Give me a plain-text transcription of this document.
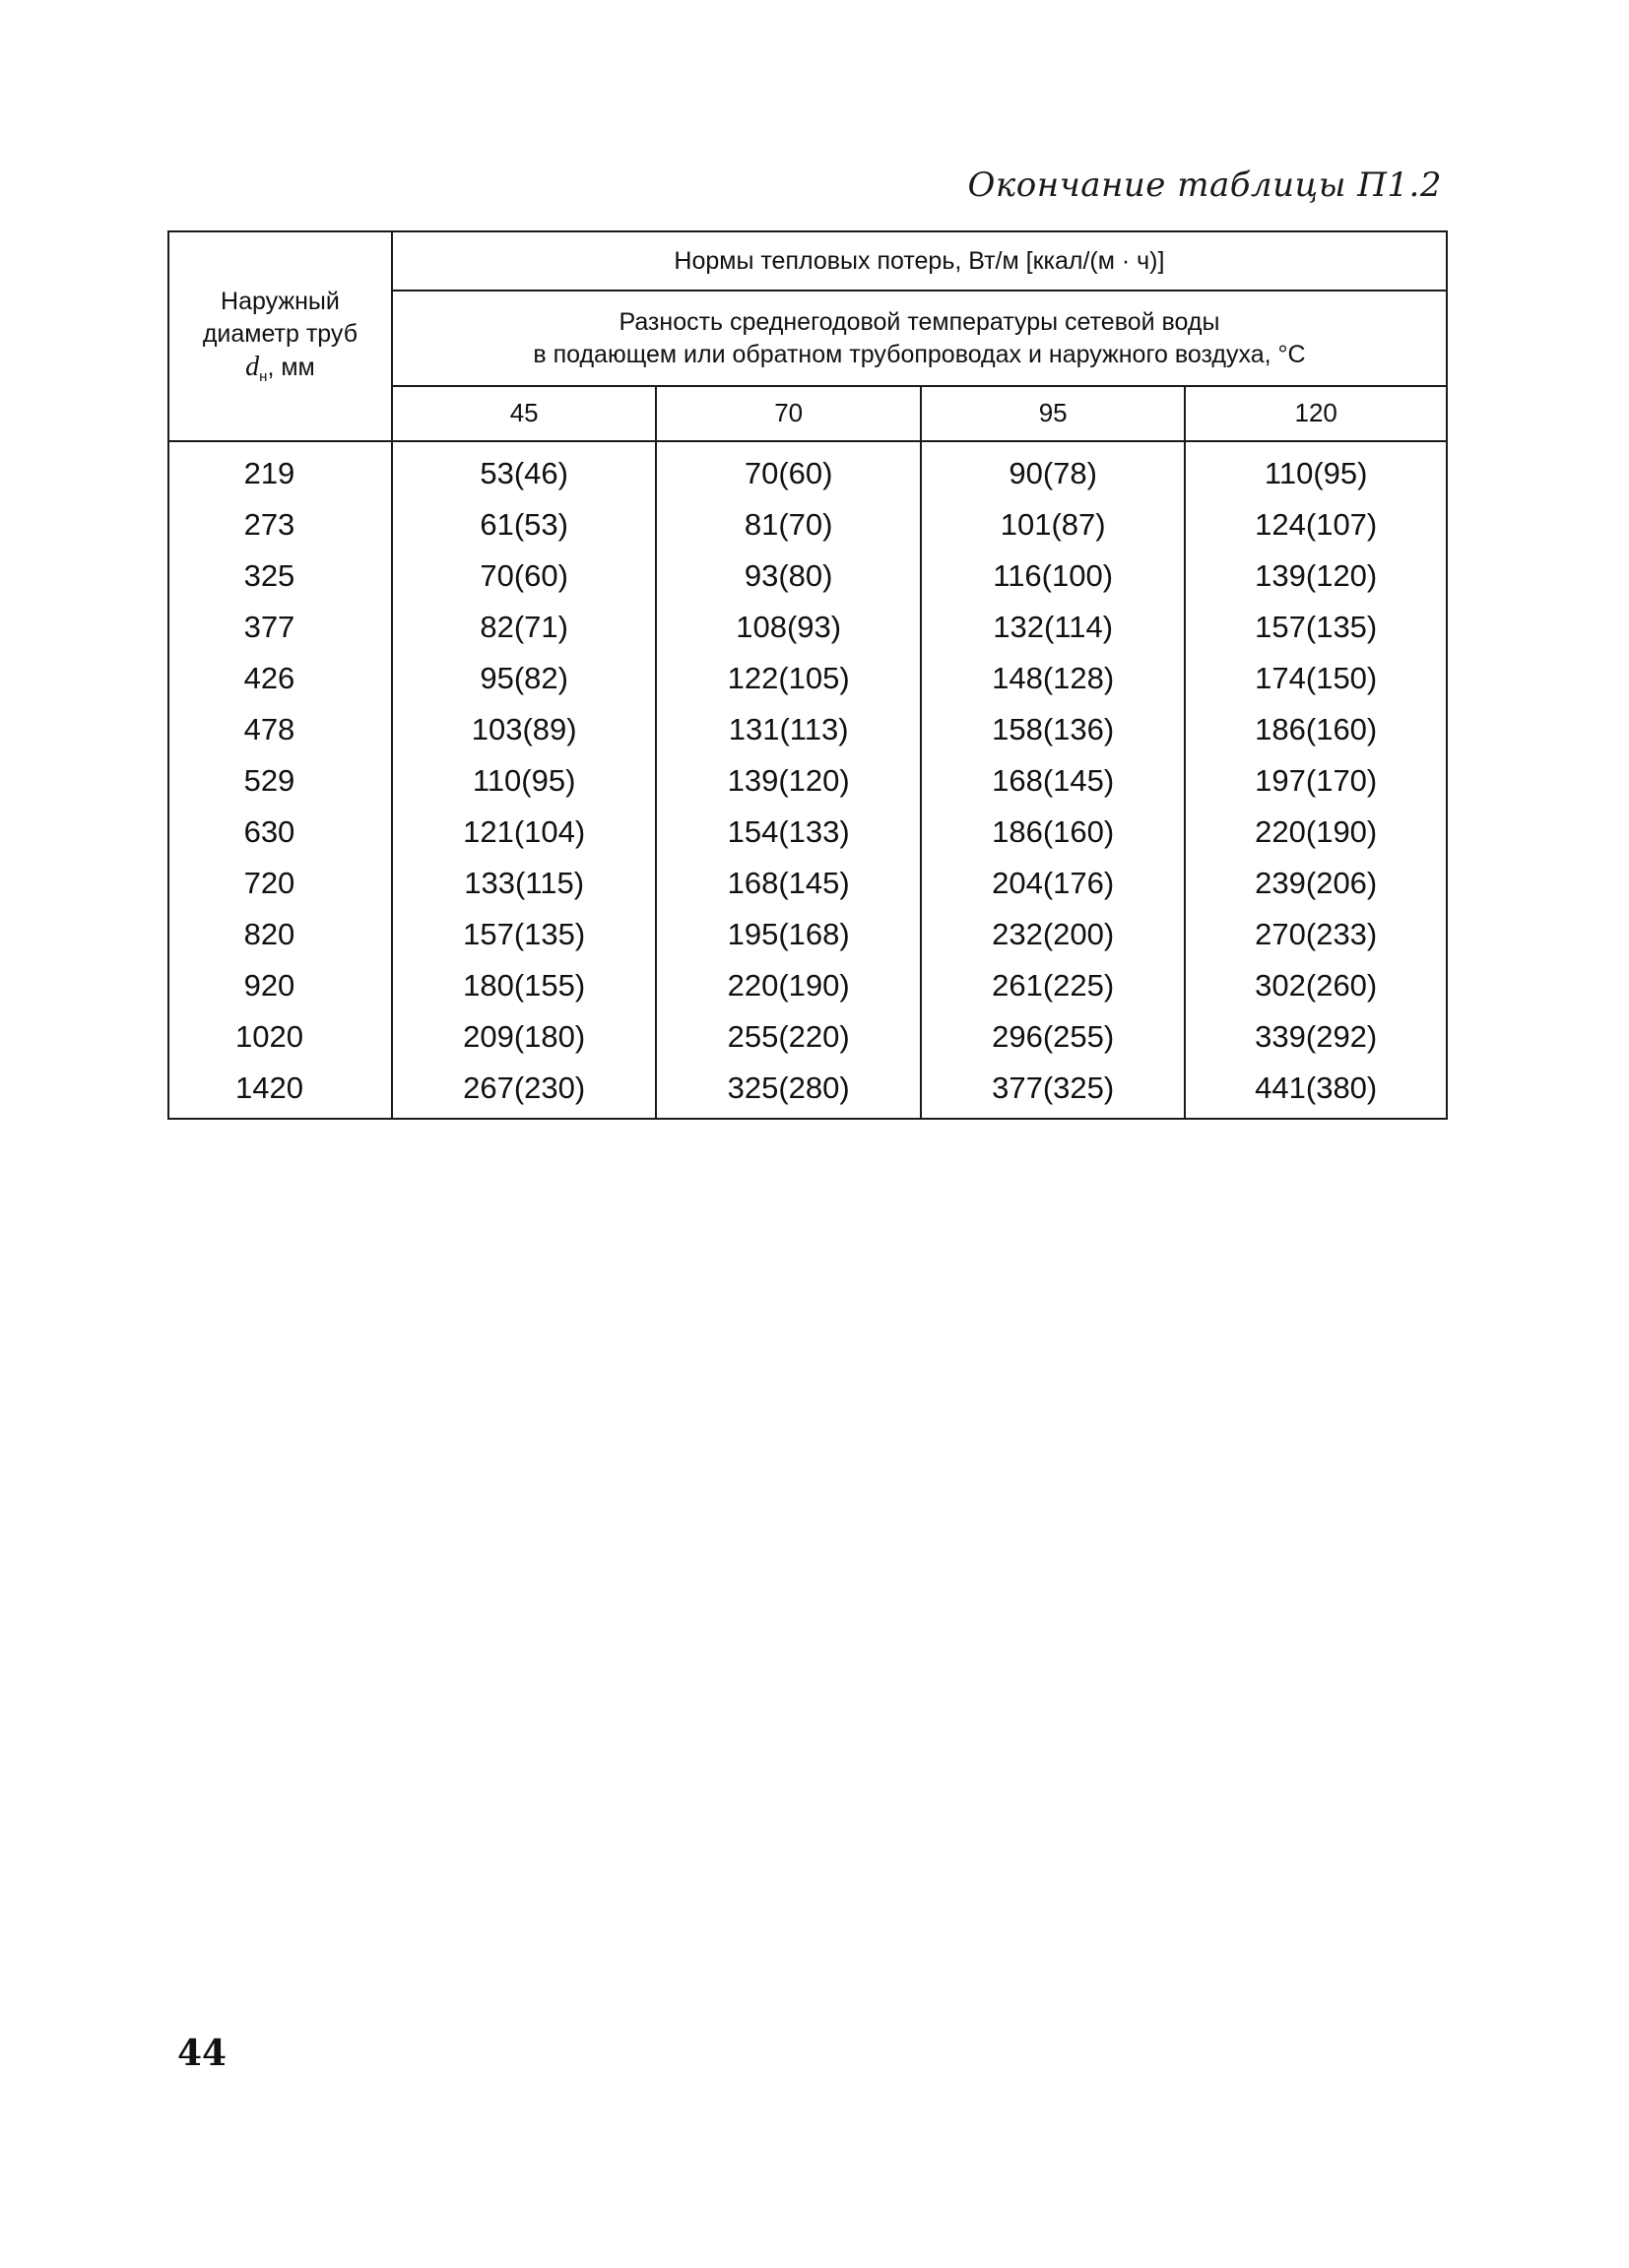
Окончание таблицы П1.2
Наружный
диаметр труб
$d_н$, мм	Нормы тепловых потерь, Вт/м [ккал/(м · ч)]			
	Разность среднегодовой температуры сетевой воды
в подающем или обратном трубопроводах и наружного воздуха, °С			
	45	70	95	120
219	53(46)	70(60)	90(78)	110(95)
273	61(53)	81(70)	101(87)	124(107)
325	70(60)	93(80)	116(100)	139(120)
377	82(71)	108(93)	132(114)	157(135)
426	95(82)	122(105)	148(128)	174(150)
478	103(89)	131(113)	158(136)	186(160)
529	110(95)	139(120)	168(145)	197(170)
630	121(104)	154(133)	186(160)	220(190)
720	133(115)	168(145)	204(176)	239(206)
820	157(135)	195(168)	232(200)	270(233)
920	180(155)	220(190)	261(225)	302(260)
1020	209(180)	255(220)	296(255)	339(292)
1420	267(230)	325(280)	377(325)	441(380)
44
